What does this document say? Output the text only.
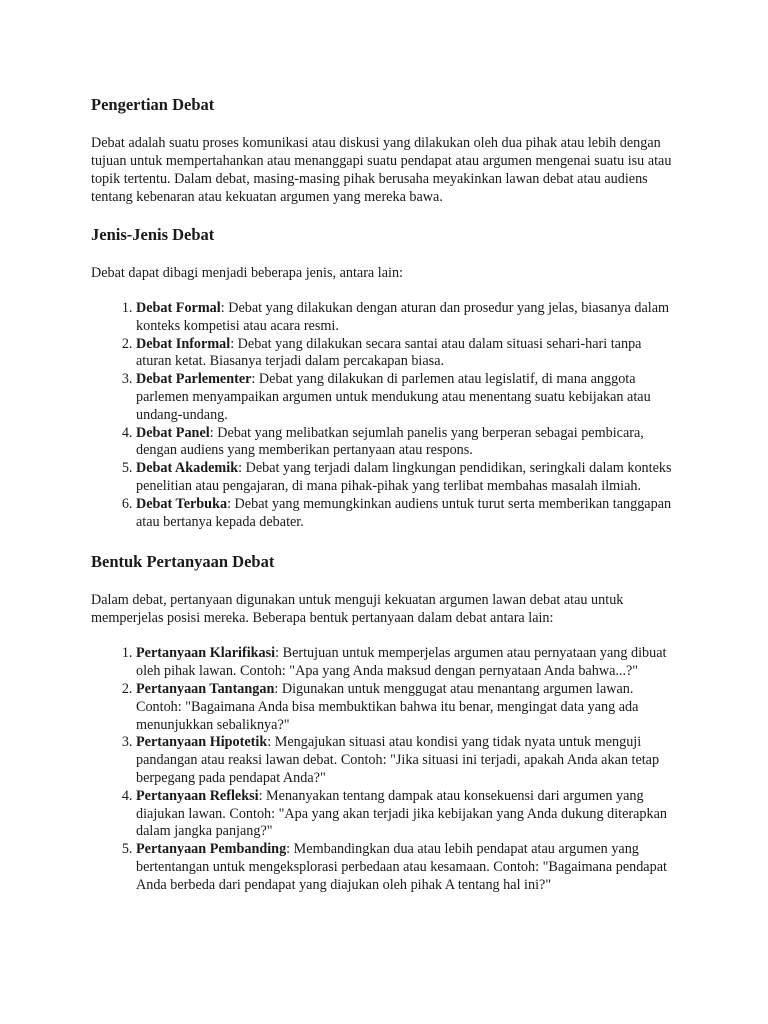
Pengertian Debat

Debat adalah suatu proses komunikasi atau diskusi yang dilakukan oleh dua pihak atau lebih dengan tujuan untuk mempertahankan atau menanggapi suatu pendapat atau argumen mengenai suatu isu atau topik tertentu. Dalam debat, masing-masing pihak berusaha meyakinkan lawan debat atau audiens tentang kebenaran atau kekuatan argumen yang mereka bawa.

Jenis-Jenis Debat

Debat dapat dibagi menjadi beberapa jenis, antara lain:

1. Debat Formal: Debat yang dilakukan dengan aturan dan prosedur yang jelas, biasanya dalam konteks kompetisi atau acara resmi.
2. Debat Informal: Debat yang dilakukan secara santai atau dalam situasi sehari-hari tanpa aturan ketat. Biasanya terjadi dalam percakapan biasa.
3. Debat Parlementer: Debat yang dilakukan di parlemen atau legislatif, di mana anggota parlemen menyampaikan argumen untuk mendukung atau menentang suatu kebijakan atau undang-undang.
4. Debat Panel: Debat yang melibatkan sejumlah panelis yang berperan sebagai pembicara, dengan audiens yang memberikan pertanyaan atau respons.
5. Debat Akademik: Debat yang terjadi dalam lingkungan pendidikan, seringkali dalam konteks penelitian atau pengajaran, di mana pihak-pihak yang terlibat membahas masalah ilmiah.
6. Debat Terbuka: Debat yang memungkinkan audiens untuk turut serta memberikan tanggapan atau bertanya kepada debater.
Bentuk Pertanyaan Debat

Dalam debat, pertanyaan digunakan untuk menguji kekuatan argumen lawan debat atau untuk memperjelas posisi mereka. Beberapa bentuk pertanyaan dalam debat antara lain:

1. Pertanyaan Klarifikasi: Bertujuan untuk memperjelas argumen atau pernyataan yang dibuat oleh pihak lawan. Contoh: "Apa yang Anda maksud dengan pernyataan Anda bahwa...?"
2. Pertanyaan Tantangan: Digunakan untuk menggugat atau menantang argumen lawan. Contoh: "Bagaimana Anda bisa membuktikan bahwa itu benar, mengingat data yang ada menunjukkan sebaliknya?"
3. Pertanyaan Hipotetik: Mengajukan situasi atau kondisi yang tidak nyata untuk menguji pandangan atau reaksi lawan debat. Contoh: "Jika situasi ini terjadi, apakah Anda akan tetap berpegang pada pendapat Anda?"
4. Pertanyaan Refleksi: Menanyakan tentang dampak atau konsekuensi dari argumen yang diajukan lawan. Contoh: "Apa yang akan terjadi jika kebijakan yang Anda dukung diterapkan dalam jangka panjang?"
5. Pertanyaan Pembanding: Membandingkan dua atau lebih pendapat atau argumen yang bertentangan untuk mengeksplorasi perbedaan atau kesamaan. Contoh: "Bagaimana pendapat Anda berbeda dari pendapat yang diajukan oleh pihak A tentang hal ini?"
